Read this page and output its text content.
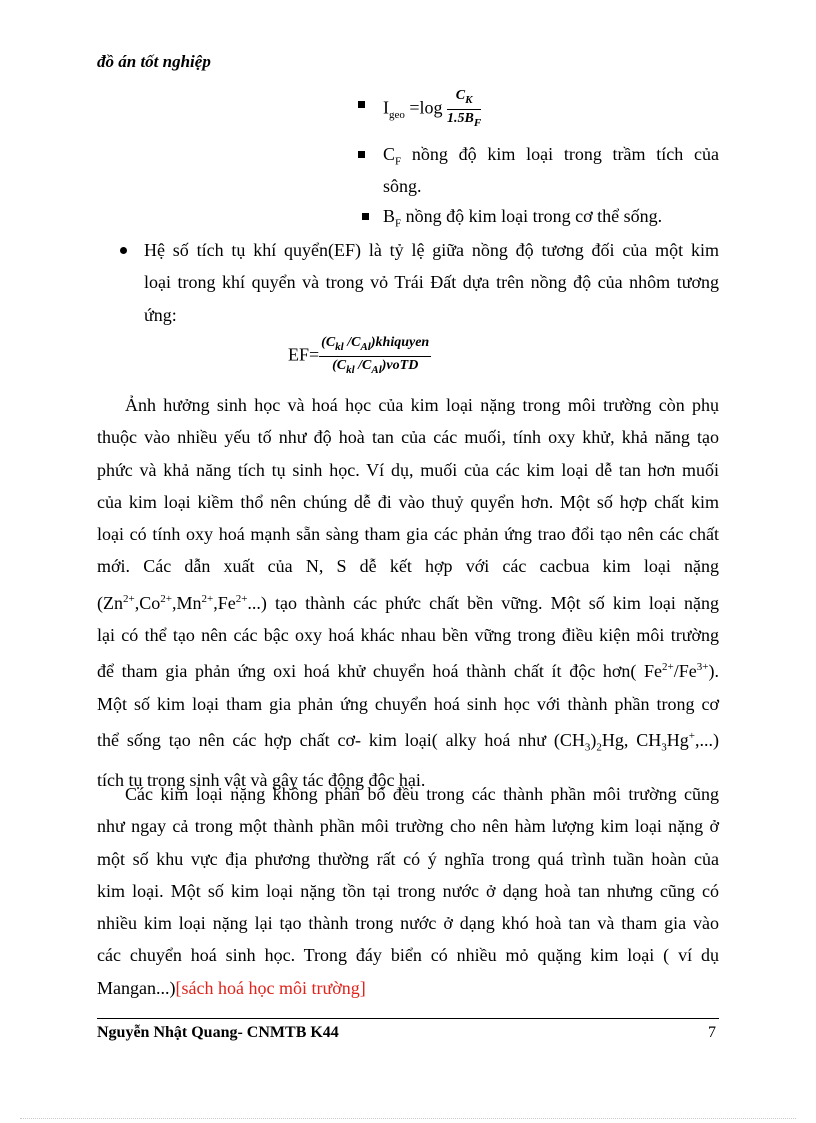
đồ án tốt nghiệp
$I_{geo} =\log \frac{C_K}{1.5B_F}$
$C_F$ nồng độ kim loại trong trầm tích của
sông.
$B_F$ nồng độ kim loại trong cơ thể sống.
Hệ số tích tụ khí quyển(EF) là tỷ lệ giữa nồng độ tương đối của một kim
loại trong khí quyển và trong vỏ Trái Đất dựa trên nồng độ của nhôm tương
ứng:
$EF= \frac{(C_{kl} /C_{Al})khiquyen}{(C_{kl} /C_{Al})voTD}$
Ảnh hưởng sinh học và hoá học của kim loại nặng trong môi trường còn phụ
thuộc vào nhiều yếu tố như độ hoà tan của các muối, tính oxy khử, khả năng tạo
phức và khả năng tích tụ sinh học. Ví dụ, muối của các kim loại dễ tan hơn muối
của kim loại kiềm thổ nên chúng dễ đi vào thuỷ quyển hơn. Một số hợp chất kim
loại có tính oxy hoá mạnh sẵn sàng tham gia các phản ứng trao đổi tạo nên các chất
mới. Các dẫn xuất của N, S dễ kết hợp với các cacbua kim loại nặng
$(Zn^{2+},Co^{2+},Mn^{2+},Fe^{2+}...)$ tạo thành các phức chất bền vững. Một số kim loại nặng
lại có thể tạo nên các bậc oxy hoá khác nhau bền vững trong điều kiện môi trường
để tham gia phản ứng oxi hoá khử chuyển hoá thành chất ít độc hơn( $Fe^{2+}/Fe^{3+}$).
Một số kim loại tham gia phản ứng chuyển hoá sinh học với thành phần trong cơ
thể sống tạo nên các hợp chất cơ- kim loại( alky hoá như $(CH_3)_2Hg$, $CH_3Hg^+$,...)
tích tụ trong sinh vật và gây tác động độc hại.
Các kim loại nặng không phân bố đều trong các thành phần môi trường cũng
như ngay cả trong một thành phần môi trường cho nên hàm lượng kim loại nặng ở
một số khu vực địa phương thường rất có ý nghĩa trong quá trình tuần hoàn của
kim loại. Một số kim loại nặng tồn tại trong nước ở dạng hoà tan nhưng cũng có
nhiều kim loại nặng lại tạo thành trong nước ở dạng khó hoà tan và tham gia vào
các chuyển hoá sinh học. Trong đáy biển có nhiều mỏ quặng kim loại ( ví dụ
Mangan...)[sách hoá học môi trường]
Nguyễn Nhật Quang- CNMTB K44	7
